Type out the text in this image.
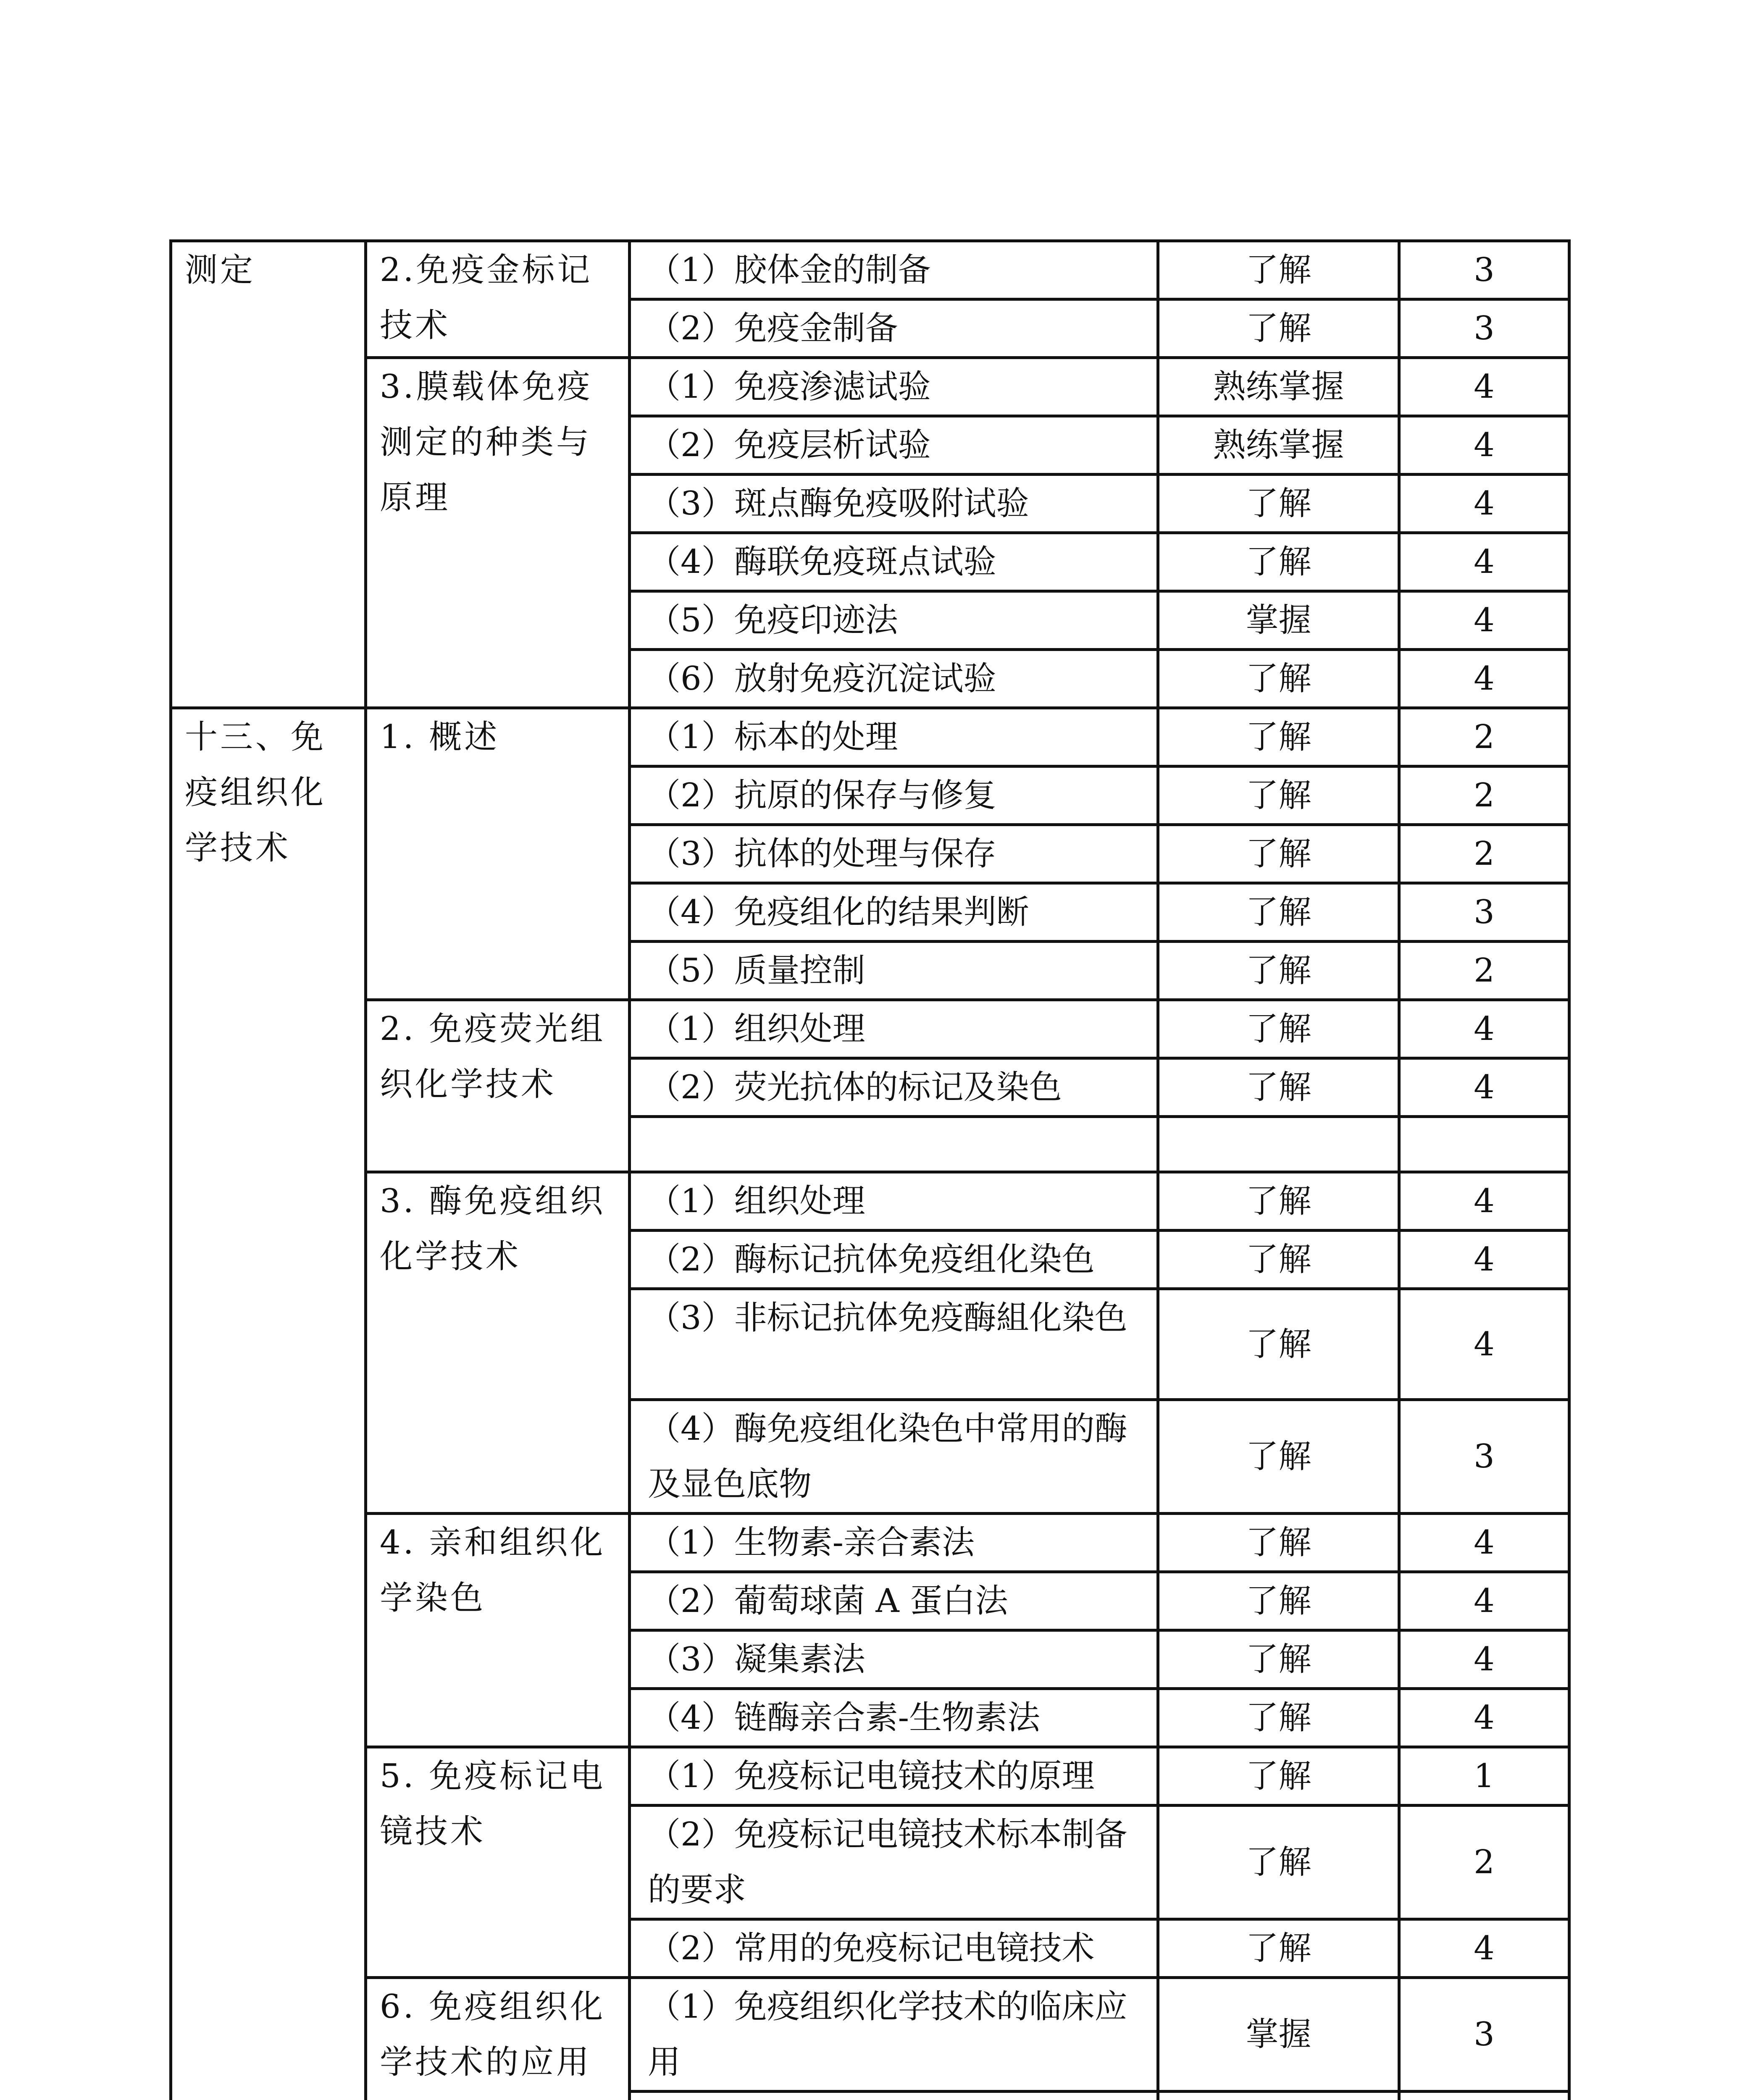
测定	2.免疫金标记技术	（1）胶体金的制备	了解	3
		（2）免疫金制备	了解	3
	3.膜载体免疫测定的种类与原理	（1）免疫渗滤试验	熟练掌握	4
		（2）免疫层析试验	熟练掌握	4
		（3）斑点酶免疫吸附试验	了解	4
		（4）酶联免疫斑点试验	了解	4
		（5）免疫印迹法	掌握	4
		（6）放射免疫沉淀试验	了解	4
十三、免疫组织化学技术	1. 概述	（1）标本的处理	了解	2
		（2）抗原的保存与修复	了解	2
		（3）抗体的处理与保存	了解	2
		（4）免疫组化的结果判断	了解	3
		（5）质量控制	了解	2
	2. 免疫荧光组织化学技术	（1）组织处理	了解	4
		（2）荧光抗体的标记及染色	了解	4

	3. 酶免疫组织化学技术	（1）组织处理	了解	4
		（2）酶标记抗体免疫组化染色	了解	4
		（3）非标记抗体免疫酶組化染色	了解	4
		（4）酶免疫组化染色中常用的酶及显色底物	了解	3
	4. 亲和组织化学染色	（1）生物素-亲合素法	了解	4
		（2）葡萄球菌 A 蛋白法	了解	4
		（3）凝集素法	了解	4
		（4）链酶亲合素-生物素法	了解	4
	5. 免疫标记电镜技术	（1）免疫标记电镜技术的原理	了解	1
		（2）免疫标记电镜技术标本制备的要求	了解	2
		（2）常用的免疫标记电镜技术	了解	4
	6. 免疫组织化学技术的应用	（1）免疫组织化学技术的临床应用	掌握	3
